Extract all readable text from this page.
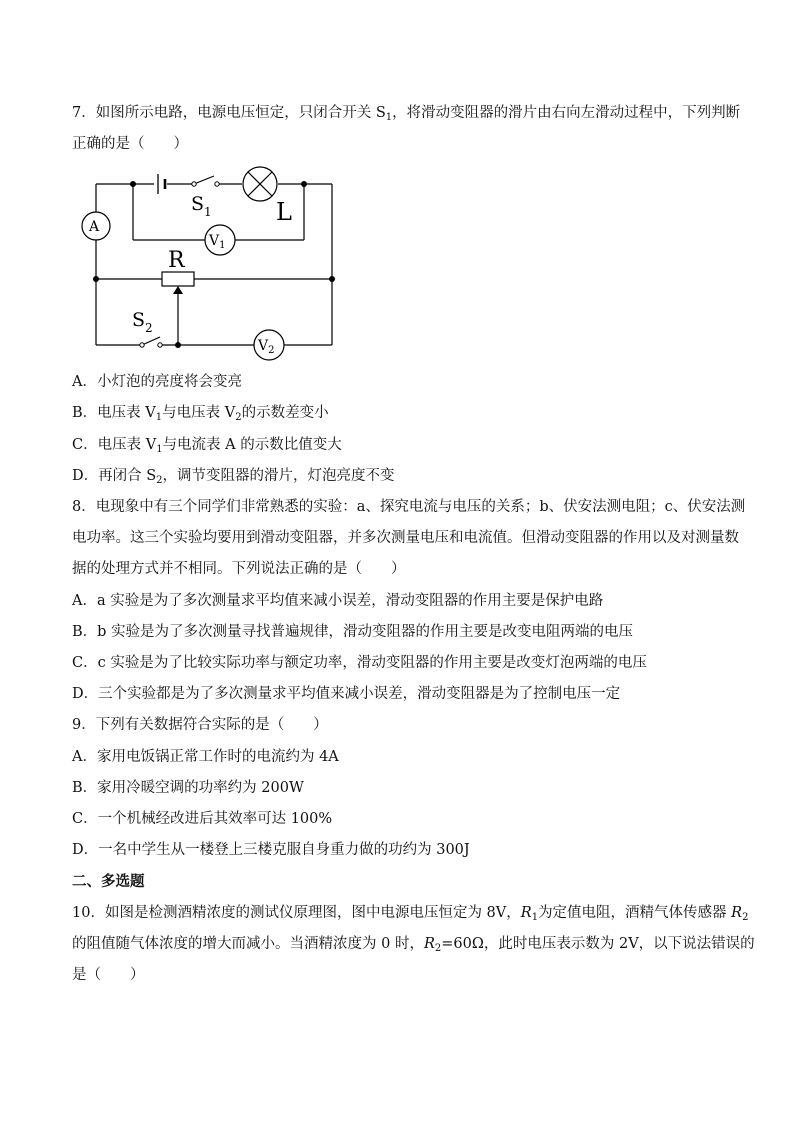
7．如图所示电路，电源电压恒定，只闭合开关 $S_1$，将滑动变阻器的滑片由右向左滑动过程中，下列判断
正确的是（　　）
A
$V_1$
$V_2$
$S_1$
$S_2$
L
R
A．小灯泡的亮度将会变亮
B．电压表 $V_1$与电压表 $V_2$的示数差变小
C．电压表 $V_1$与电流表 A 的示数比值变大
D．再闭合 $S_2$，调节变阻器的滑片，灯泡亮度不变
8．电现象中有三个同学们非常熟悉的实验：a、探究电流与电压的关系；b、伏安法测电阻；c、伏安法测
电功率。这三个实验均要用到滑动变阻器，并多次测量电压和电流值。但滑动变阻器的作用以及对测量数
据的处理方式并不相同。下列说法正确的是（　　）
A．a 实验是为了多次测量求平均值来减小误差，滑动变阻器的作用主要是保护电路
B．b 实验是为了多次测量寻找普遍规律，滑动变阻器的作用主要是改变电阻两端的电压
C．c 实验是为了比较实际功率与额定功率，滑动变阻器的作用主要是改变灯泡两端的电压
D．三个实验都是为了多次测量求平均值来减小误差，滑动变阻器是为了控制电压一定
9．下列有关数据符合实际的是（　　）
A．家用电饭锅正常工作时的电流约为 4A
B．家用冷暖空调的功率约为 200W
C．一个机械经改进后其效率可达 100%
D．一名中学生从一楼登上三楼克服自身重力做的功约为 300J
二、多选题
10．如图是检测酒精浓度的测试仪原理图，图中电源电压恒定为 8V，$R_1$为定值电阻，酒精气体传感器 $R_2$
的阻值随气体浓度的增大而减小。当酒精浓度为 0 时，$R_2=60\Omega$，此时电压表示数为 2V，以下说法错误的
是（　　）
